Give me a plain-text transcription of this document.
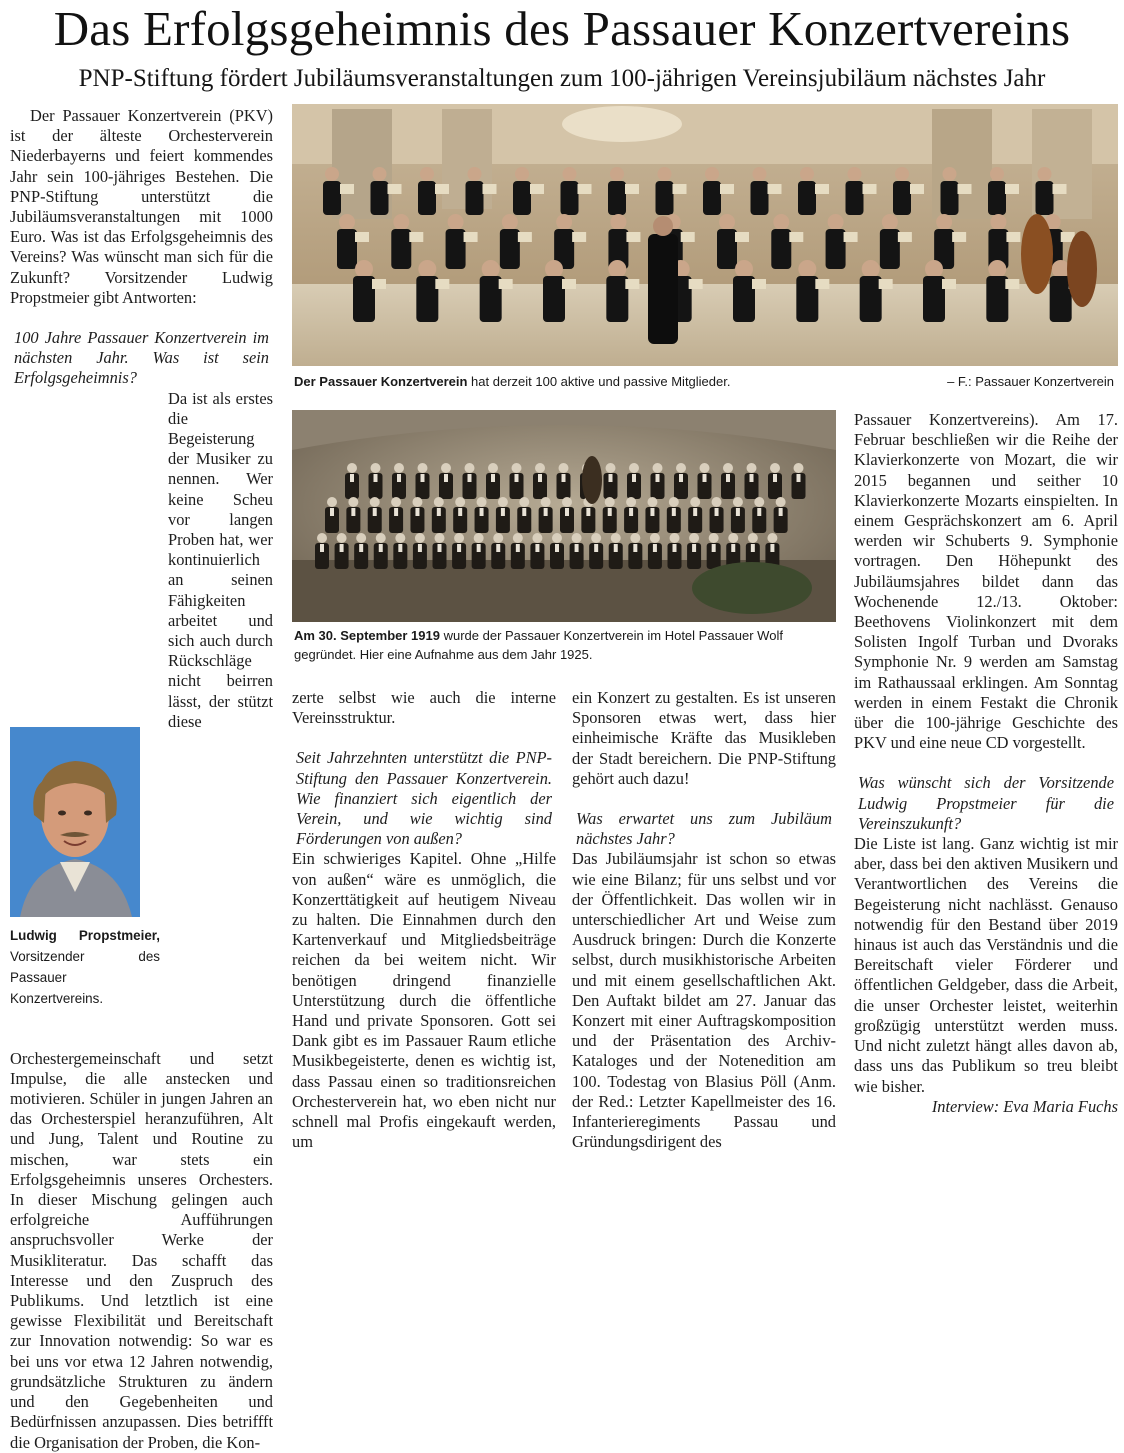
Das Erfolgsgeheimnis des Passauer Konzertvereins
PNP-Stiftung fördert Jubiläumsveranstaltungen zum 100-jährigen Vereinsjubiläum nächstes Jahr
Der Passauer Konzertverein hat derzeit 100 aktive und passive Mitglieder.	– F.: Passauer Konzertverein
Am 30. September 1919 wurde der Passauer Konzertverein im Hotel Passauer Wolf gegründet. Hier eine Aufnahme aus dem Jahr 1925.

Der Passauer Konzertverein (PKV) ist der älteste Orchesterverein Niederbayerns und feiert kommendes Jahr sein 100-jähriges Bestehen. Die PNP-Stiftung unterstützt die Jubiläumsveranstaltungen mit 1000 Euro. Was ist das Erfolgsgeheimnis des Vereins? Was wünscht man sich für die Zukunft? Vorsitzender Ludwig Propstmeier gibt Antworten:

100 Jahre Passauer Konzertverein im nächsten Jahr. Was ist sein Erfolgsgeheimnis?

Ludwig Propstmeier, Vorsitzender des Passauer Konzertvereins.

Da ist als erstes die Begeisterung der Musiker zu nennen. Wer keine Scheu vor langen Proben hat, wer kontinuierlich an seinen Fähigkeiten arbeitet und sich auch durch Rückschläge nicht beirren lässt, der stützt diese Orchestergemeinschaft und setzt Impulse, die alle anstecken und motivieren. Schüler in jungen Jahren an das Orchesterspiel heranzuführen, Alt und Jung, Talent und Routine zu mischen, war stets ein Erfolgsgeheimnis unseres Orchesters. In dieser Mischung gelingen auch erfolgreiche Aufführungen anspruchsvoller Werke der Musikliteratur. Das schafft das Interesse und den Zuspruch des Publikums. Und letztlich ist eine gewisse Flexibilität und Bereitschaft zur Innovation notwendig: So war es bei uns vor etwa 12 Jahren notwendig, grundsätzliche Strukturen zu ändern und den Gegebenheiten und Bedürfnissen anzupassen. Dies betriffft die Organisation der Proben, die Kon-

zerte selbst wie auch die interne Vereinsstruktur.

Seit Jahrzehnten unterstützt die PNP-Stiftung den Passauer Konzertverein. Wie finanziert sich eigentlich der Verein, und wie wichtig sind Förderungen von außen?

Ein schwieriges Kapitel. Ohne „Hilfe von außen“ wäre es unmöglich, die Konzerttätigkeit auf heutigem Niveau zu halten. Die Einnahmen durch den Kartenverkauf und Mitgliedsbeiträge reichen da bei weitem nicht. Wir benötigen dringend finanzielle Unterstützung durch die öffentliche Hand und private Sponsoren. Gott sei Dank gibt es im Passauer Raum etliche Musikbegeisterte, denen es wichtig ist, dass Passau einen so traditionsreichen Orchesterverein hat, wo eben nicht nur schnell mal Profis eingekauft werden, um

ein Konzert zu gestalten. Es ist unseren Sponsoren etwas wert, dass hier einheimische Kräfte das Musikleben der Stadt bereichern. Die PNP-Stiftung gehört auch dazu!

Was erwartet uns zum Jubiläum nächstes Jahr?

Das Jubiläumsjahr ist schon so etwas wie eine Bilanz; für uns selbst und vor der Öffentlichkeit. Das wollen wir in unterschiedlicher Art und Weise zum Ausdruck bringen: Durch die Konzerte selbst, durch musikhistorische Arbeiten und mit einem gesellschaftlichen Akt. Den Auftakt bildet am 27. Januar das Konzert mit einer Auftragskomposition und der Präsentation des Archiv-Kataloges und der Notenedition am 100. Todestag von Blasius Pöll (Anm. der Red.: Letzter Kapellmeister des 16. Infanterieregiments Passau und Gründungsdirigent des

Passauer Konzertvereins). Am 17. Februar beschließen wir die Reihe der Klavierkonzerte von Mozart, die wir 2015 begannen und seither 10 Klavierkonzerte Mozarts einspielten. In einem Gesprächskonzert am 6. April werden wir Schuberts 9. Symphonie vortragen. Den Höhepunkt des Jubiläumsjahres bildet dann das Wochenende 12./13. Oktober: Beethovens Violinkonzert mit dem Solisten Ingolf Turban und Dvoraks Symphonie Nr. 9 werden am Samstag im Rathaussaal erklingen. Am Sonntag werden in einem Festakt die Chronik über die 100-jährige Geschichte des PKV und eine neue CD vorgestellt.

Was wünscht sich der Vorsitzende Ludwig Propstmeier für die Vereinszukunft?

Die Liste ist lang. Ganz wichtig ist mir aber, dass bei den aktiven Musikern und Verantwortlichen des Vereins die Begeisterung nicht nachlässt. Genauso notwendig für den Bestand über 2019 hinaus ist auch das Verständnis und die Bereitschaft vieler Förderer und öffentlichen Geldgeber, dass die Arbeit, die unser Orchester leistet, weiterhin großzügig unterstützt werden muss. Und nicht zuletzt hängt alles davon ab, dass uns das Publikum so treu bleibt wie bisher.

Interview: Eva Maria Fuchs
